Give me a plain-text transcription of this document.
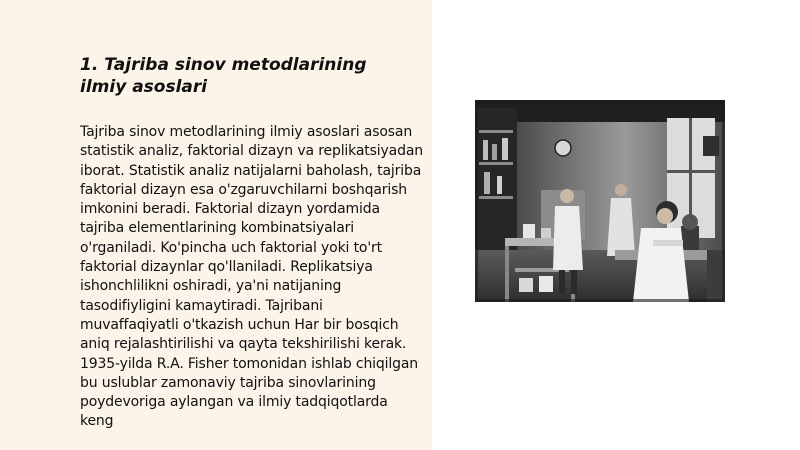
1. Tajriba sinov metodlarining ilmiy asoslari

Tajriba sinov metodlarining ilmiy asoslari asosan statistik analiz, faktorial dizayn va replikatsiyadan iborat. Statistik analiz natijalarni baholash, tajriba faktorial dizayn esa o'zgaruvchilarni boshqarish imkonini beradi. Faktorial dizayn yordamida tajriba elementlarining kombinatsiyalari o'rganiladi. Ko'pincha uch faktorial yoki to'rt faktorial dizaynlar qo'llaniladi. Replikatsiya ishonchlilikni oshiradi, ya'ni natijaning tasodifiyligini kamaytiradi. Tajribani muvaffaqiyatli o'tkazish uchun Har bir bosqich aniq rejalashtirilishi va qayta tekshirilishi kerak. 1935-yilda R.A. Fisher tomonidan ishlab chiqilgan bu uslublar zamonaviy tajriba sinovlarining poydevoriga aylangan va ilmiy tadqiqotlarda keng
